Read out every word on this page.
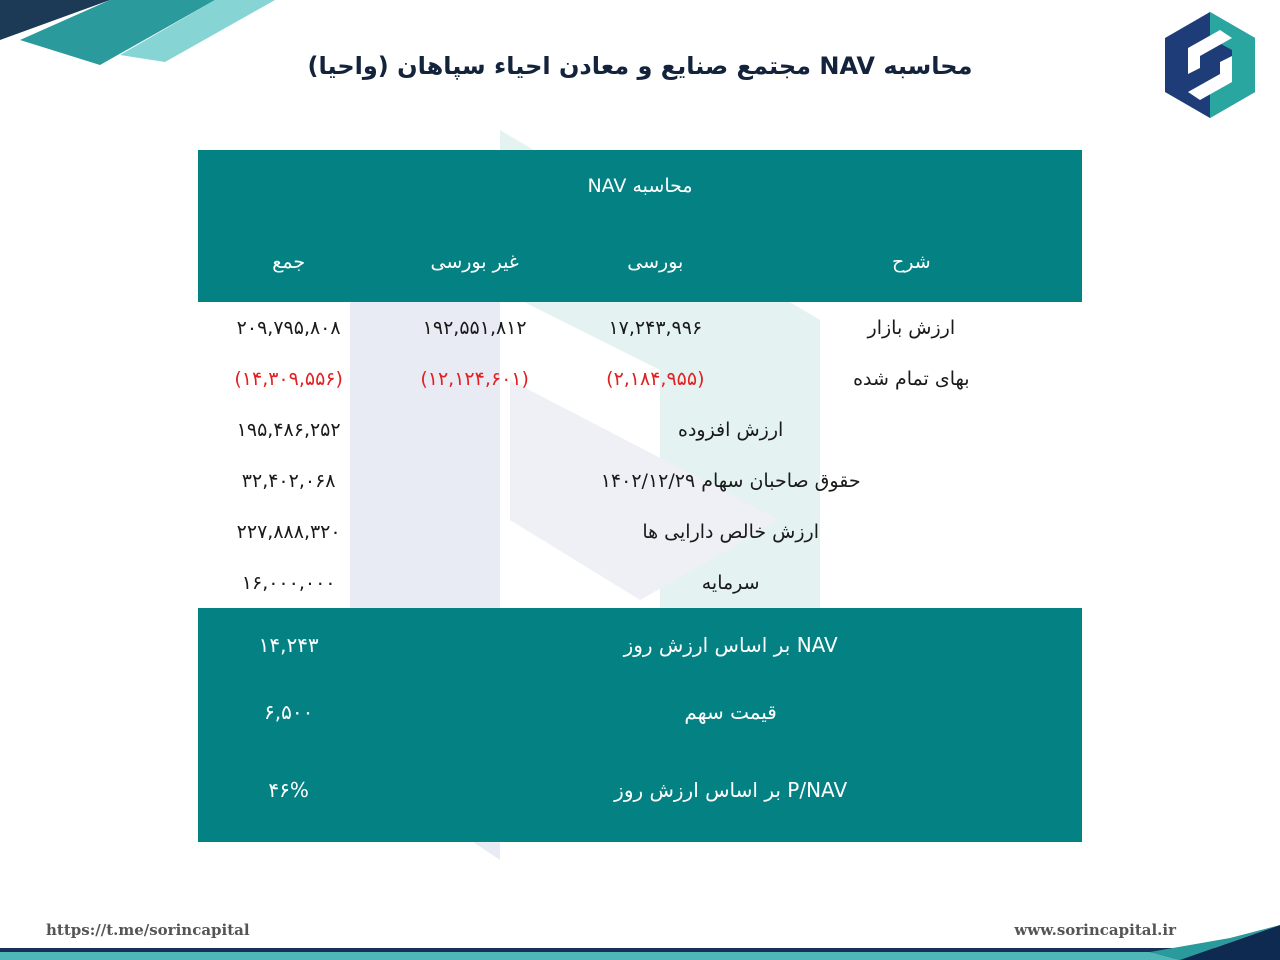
محاسبه NAV مجتمع صنایع و معادن احیاء سپاهان (واحیا)
محاسبه NAV			
شرح	بورسی	غیر بورسی	جمع
ارزش بازار	۱۷,۲۴۳,۹۹۶	۱۹۲,۵۵۱,۸۱۲	۲۰۹,۷۹۵,۸۰۸
بهای تمام شده	(۲,۱۸۴,۹۵۵)	(۱۲,۱۲۴,۶۰۱)	(۱۴,۳۰۹,۵۵۶)
ارزش افزوده			۱۹۵,۴۸۶,۲۵۲
حقوق صاحبان سهام ۱۴۰۲/۱۲/۲۹			۳۲,۴۰۲,۰۶۸
ارزش خالص دارایی ها			۲۲۷,۸۸۸,۳۲۰
سرمایه			۱۶,۰۰۰,۰۰۰
NAV بر اساس ارزش روز			۱۴,۲۴۳
قیمت سهم			۶,۵۰۰
P/NAV بر اساس ارزش روز			۴۶%
https://t.me/sorincapital	www.sorincapital.ir
